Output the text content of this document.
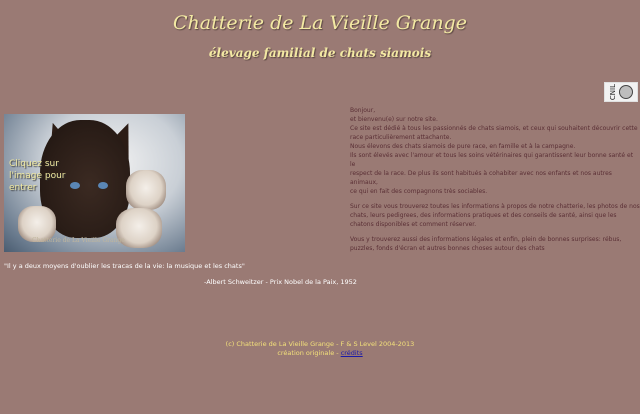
Chatterie de La Vieille Grange
élevage familial de chats siamois
CNIL
Cliquez sur l'image pour entrer
Chatterie de La Vieille Grange

Bonjour,
et bienvenu(e) sur notre site.
Ce site est dédié à tous les passionnés de chats siamois, et ceux qui souhaitent découvrir cette
race particulièrement attachante.
Nous élevons des chats siamois de pure race, en famille et à la campagne.
Ils sont élevés avec l'amour et tous les soins vétérinaires qui garantissent leur bonne santé et le
respect de la race. De plus ils sont habitués à cohabiter avec nos enfants et nos autres animaux,
ce qui en fait des compagnons très sociables.

Sur ce site vous trouverez toutes les informations à propos de notre chatterie, les photos de nos
chats, leurs pedigrees, des informations pratiques et des conseils de santé, ainsi que les
chatons disponibles et comment réserver.

Vous y trouverez aussi des informations légales et enfin, plein de bonnes surprises: rébus,
puzzles, fonds d'écran et autres bonnes choses autour des chats

"Il y a deux moyens d'oublier les tracas de la vie: la musique et les chats"
-Albert Schweitzer - Prix Nobel de la Paix, 1952
(c) Chatterie de La Vieille Grange - F & S Level 2004-2013
création originale - crédits
